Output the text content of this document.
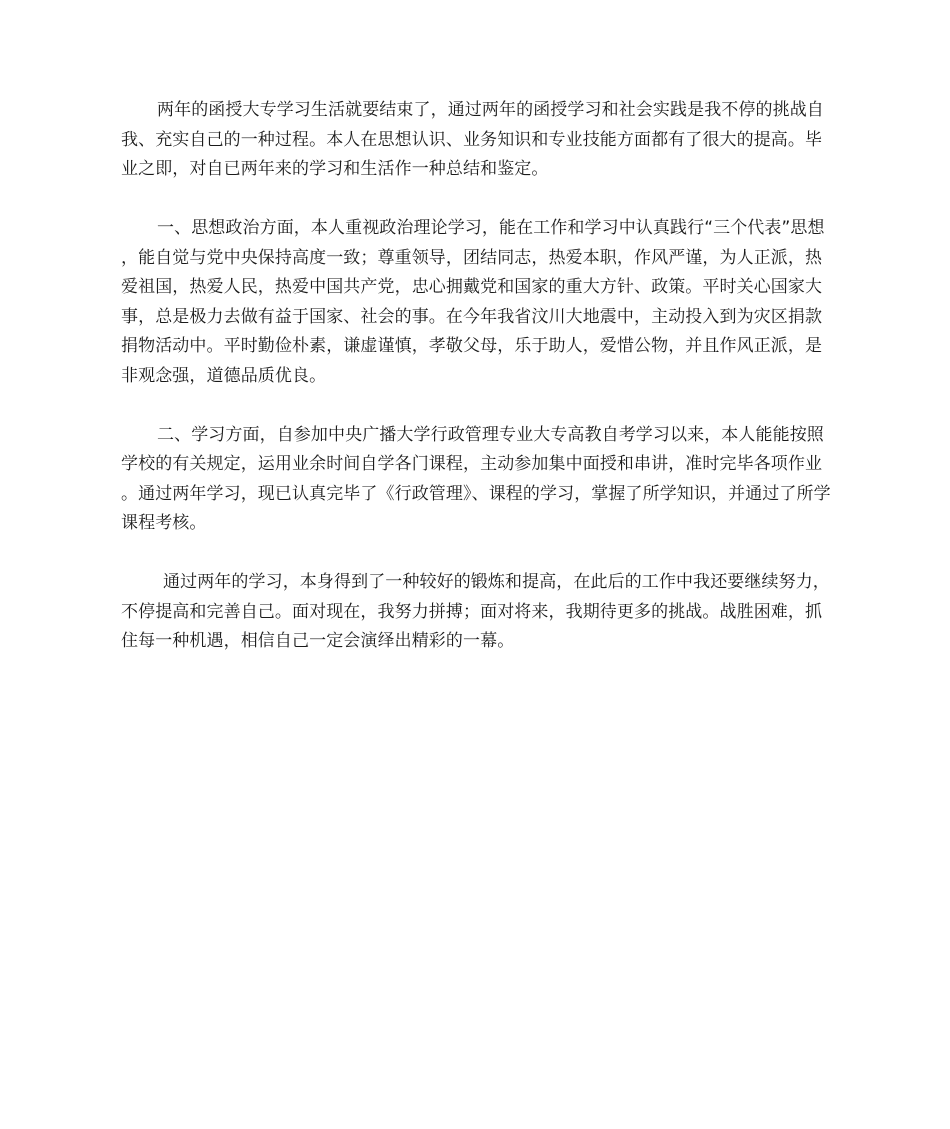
两年的函授大专学习生活就要结束了，通过两年的函授学习和社会实践是我不停的挑战自我、充实自己的一种过程。本人在思想认识、业务知识和专业技能方面都有了很大的提高。毕业之即，对自已两年来的学习和生活作一种总结和鉴定。

一、思想政治方面，本人重视政治理论学习，能在工作和学习中认真践行“三个代表”思想，能自觉与党中央保持高度一致；尊重领导，团结同志，热爱本职，作风严谨，为人正派，热爱祖国，热爱人民，热爱中国共产党，忠心拥戴党和国家的重大方针、政策。平时关心国家大事，总是极力去做有益于国家、社会的事。在今年我省汶川大地震中，主动投入到为灾区捐款捐物活动中。平时勤俭朴素，谦虚谨慎，孝敬父母，乐于助人，爱惜公物，并且作风正派，是非观念强，道德品质优良。

二、学习方面，自参加中央广播大学行政管理专业大专高教自考学习以来，本人能能按照学校的有关规定，运用业余时间自学各门课程，主动参加集中面授和串讲，准时完毕各项作业。通过两年学习，现已认真完毕了《行政管理》、课程的学习，掌握了所学知识，并通过了所学课程考核。

通过两年的学习，本身得到了一种较好的锻炼和提高，在此后的工作中我还要继续努力，不停提高和完善自己。面对现在，我努力拼搏；面对将来，我期待更多的挑战。战胜困难，抓住每一种机遇，相信自己一定会演绎出精彩的一幕。
